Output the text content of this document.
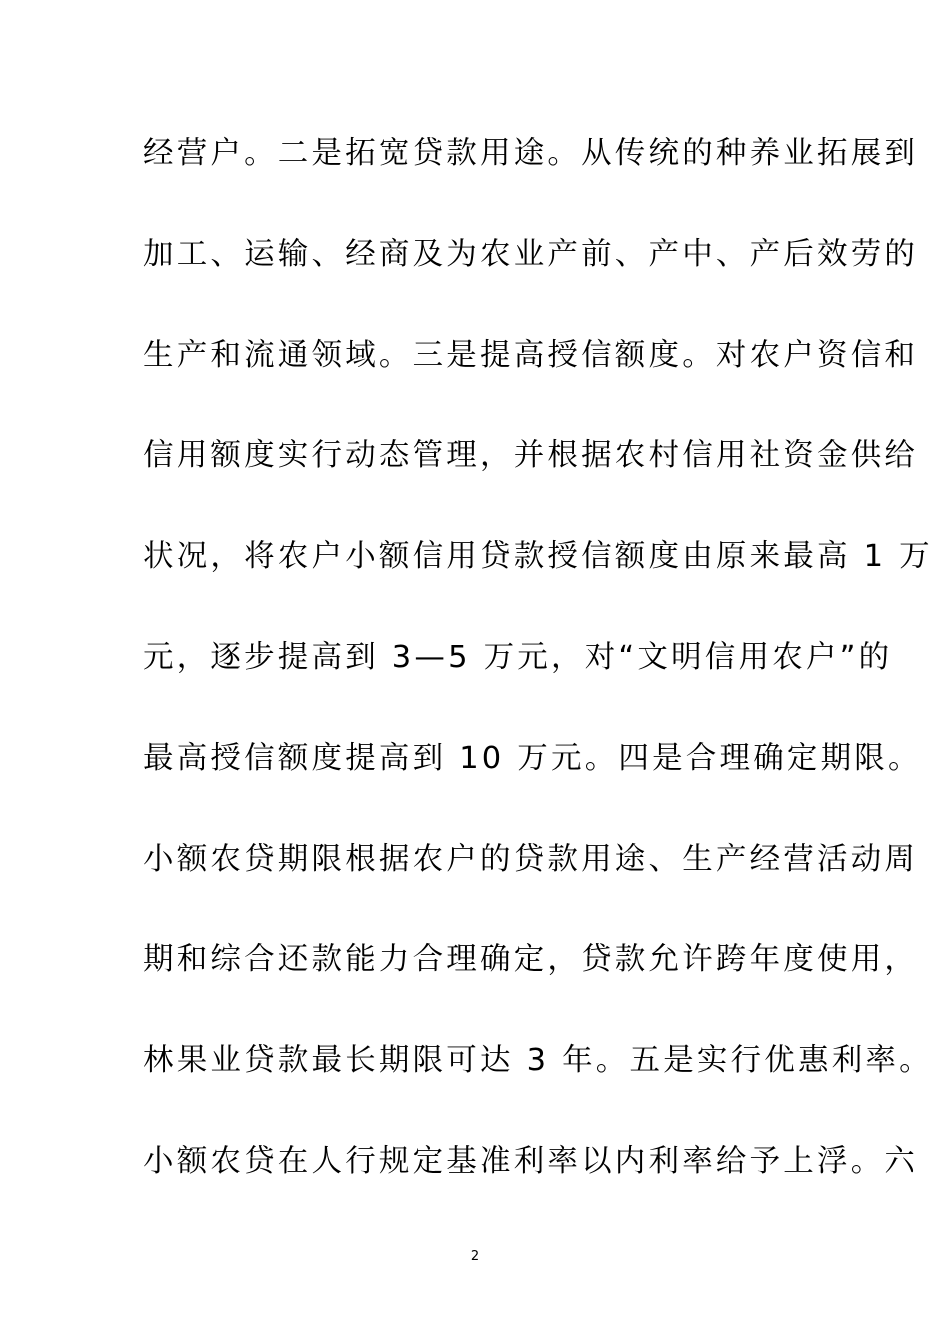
经营户。二是拓宽贷款用途。从传统的种养业拓展到
加工、运输、经商及为农业产前、产中、产后效劳的
生产和流通领域。三是提高授信额度。对农户资信和
信用额度实行动态管理，并根据农村信用社资金供给
状况，将农户小额信用贷款授信额度由原来最高 1 万
元，逐步提高到 3—5 万元，对“文明信用农户”的
最高授信额度提高到 10 万元。四是合理确定期限。
小额农贷期限根据农户的贷款用途、生产经营活动周
期和综合还款能力合理确定，贷款允许跨年度使用，
林果业贷款最长期限可达 3 年。五是实行优惠利率。
小额农贷在人行规定基准利率以内利率给予上浮。六
2
